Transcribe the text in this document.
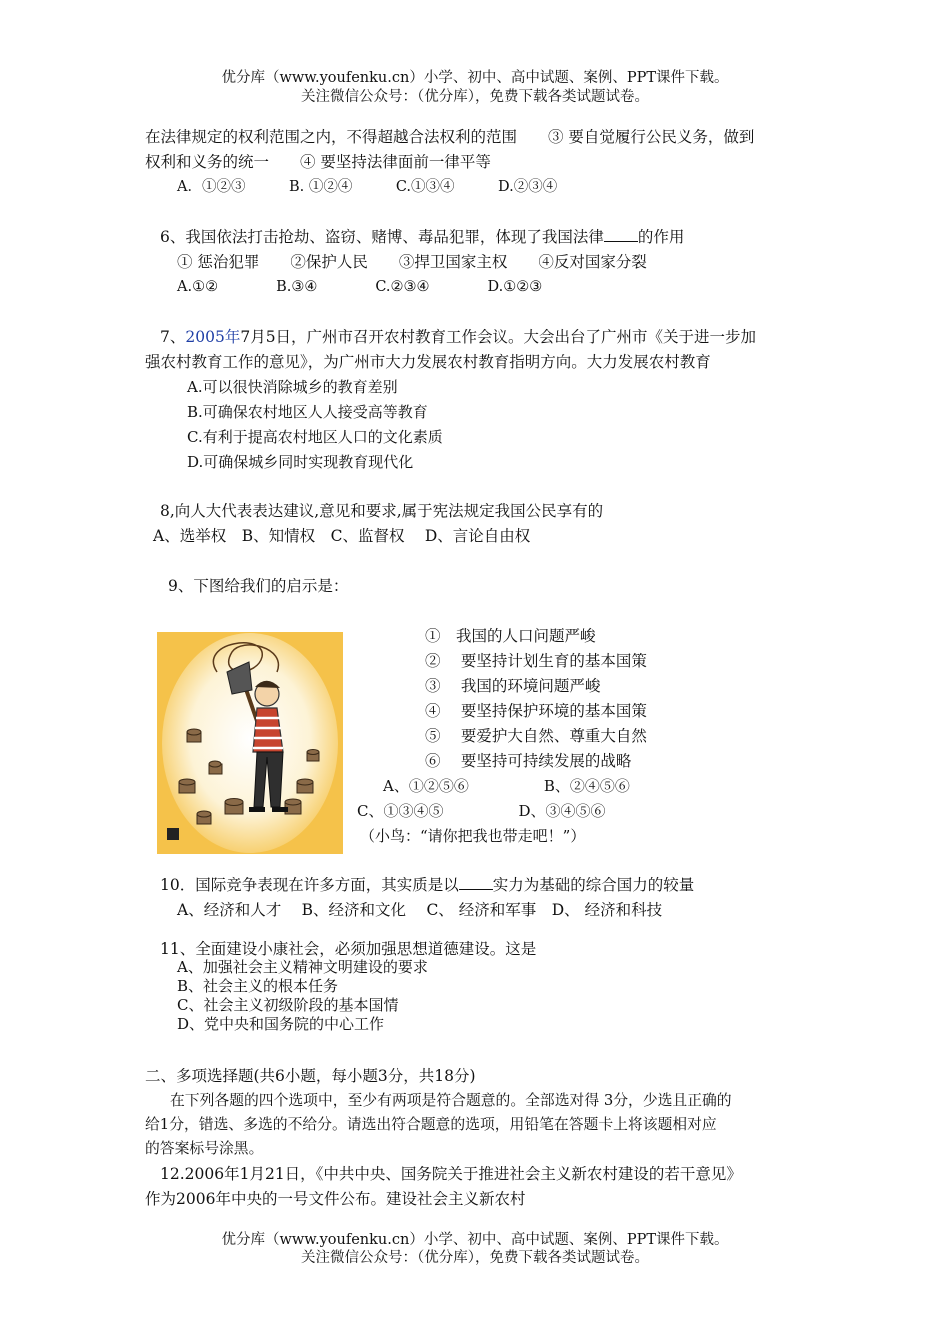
优分库（www.youfenku.cn）小学、初中、高中试题、案例、PPT课件下载。
关注微信公众号：（优分库），免费下载各类试题试卷。
在法律规定的权利范围之内，不得超越合法权利的范围　　③ 要自觉履行公民义务，做到
权利和义务的统一　　④ 要坚持法律面前一律平等
A．①②③　　　B. ①②④　　　C.①③④　　　D.②③④
6、我国依法打击抢劫、盗窃、赌博、毒品犯罪，体现了我国法律 的作用
① 惩治犯罪　　②保护人民　　③捍卫国家主权　　④反对国家分裂
A.①②　　　　B.③④　　　　C.②③④　　　　D.①②③
7、2005年7月5日，广州市召开农村教育工作会议。大会出台了广州市《关于进一步加
强农村教育工作的意见》，为广州市大力发展农村教育指明方向。大力发展农村教育
A.可以很快消除城乡的教育差别
B.可确保农村地区人人接受高等教育
C.有利于提高农村地区人口的文化素质
D.可确保城乡同时实现教育现代化
8,向人大代表表达建议,意见和要求,属于宪法规定我国公民享有的
A、选举权　B、知情权　C、监督权　 D、言论自由权
9、下图给我们的启示是：
①　我国的人口问题严峻
②　 要坚持计划生育的基本国策
③　 我国的环境问题严峻
④　 要坚持保护环境的基本国策
⑤　 要爱护大自然、尊重大自然
⑥　 要坚持可持续发展的战略
A、①②⑤⑥　　　　　B、②④⑤⑥
C、①③④⑤　　　　　D、③④⑤⑥
（小鸟：“请你把我也带走吧！”）
10．国际竞争表现在许多方面，其实质是以 实力为基础的综合国力的较量
A、经济和人才　 B、经济和文化　 C、 经济和军事　D、 经济和科技
11、全面建设小康社会，必须加强思想道德建设。这是
A、加强社会主义精神文明建设的要求
B、社会主义的根本任务
C、社会主义初级阶段的基本国情
D、党中央和国务院的中心工作
二、多项选择题(共6小题，每小题3分，共18分)
在下列各题的四个选项中，至少有两项是符合题意的。全部选对得 3分，少选且正确的
给1分，错选、多选的不给分。请选出符合题意的选项，用铅笔在答题卡上将该题相对应
的答案标号涂黑。
12.2006年1月21日，《中共中央、国务院关于推进社会主义新农村建设的若干意见》
作为2006年中央的一号文件公布。建设社会主义新农村
优分库（www.youfenku.cn）小学、初中、高中试题、案例、PPT课件下载。
关注微信公众号：（优分库），免费下载各类试题试卷。
